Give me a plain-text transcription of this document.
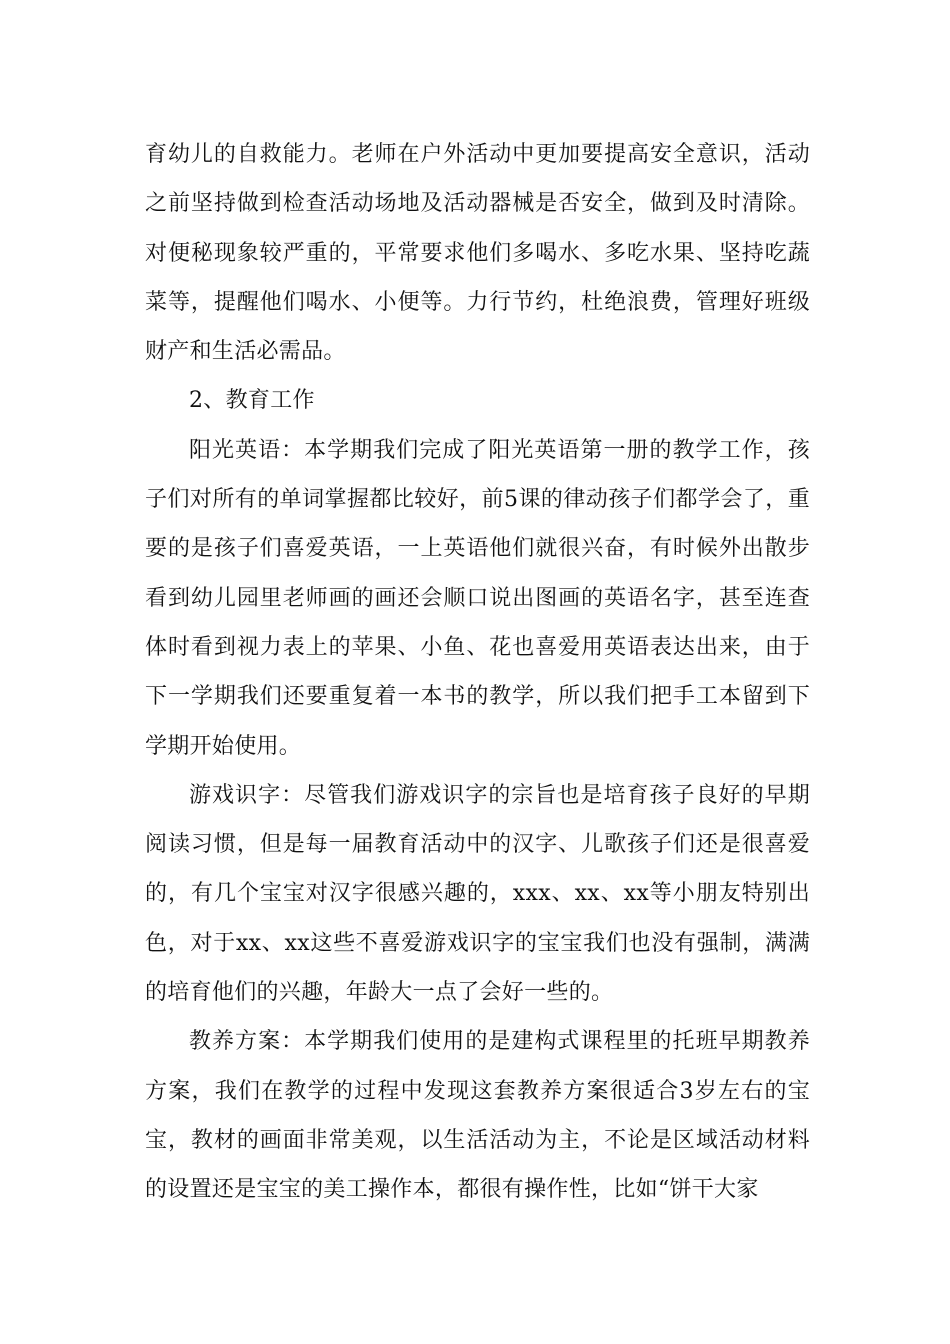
育幼儿的自救能力。老师在户外活动中更加要提高安全意识，活动之前坚持做到检查活动场地及活动器械是否安全，做到及时清除。对便秘现象较严重的，平常要求他们多喝水、多吃水果、坚持吃蔬菜等，提醒他们喝水、小便等。力行节约，杜绝浪费，管理好班级财产和生活必需品。

2、教育工作

阳光英语：本学期我们完成了阳光英语第一册的教学工作，孩子们对所有的单词掌握都比较好，前5课的律动孩子们都学会了，重要的是孩子们喜爱英语，一上英语他们就很兴奋，有时候外出散步看到幼儿园里老师画的画还会顺口说出图画的英语名字，甚至连查体时看到视力表上的苹果、小鱼、花也喜爱用英语表达出来，由于下一学期我们还要重复着一本书的教学，所以我们把手工本留到下学期开始使用。

游戏识字：尽管我们游戏识字的宗旨也是培育孩子良好的早期阅读习惯，但是每一届教育活动中的汉字、儿歌孩子们还是很喜爱的，有几个宝宝对汉字很感兴趣的，xxx、xx、xx等小朋友特别出色，对于xx、xx这些不喜爱游戏识字的宝宝我们也没有强制，满满的培育他们的兴趣，年龄大一点了会好一些的。

教养方案：本学期我们使用的是建构式课程里的托班早期教养方案，我们在教学的过程中发现这套教养方案很适合3岁左右的宝宝，教材的画面非常美观，以生活活动为主，不论是区域活动材料的设置还是宝宝的美工操作本，都很有操作性，比如“饼干大家
